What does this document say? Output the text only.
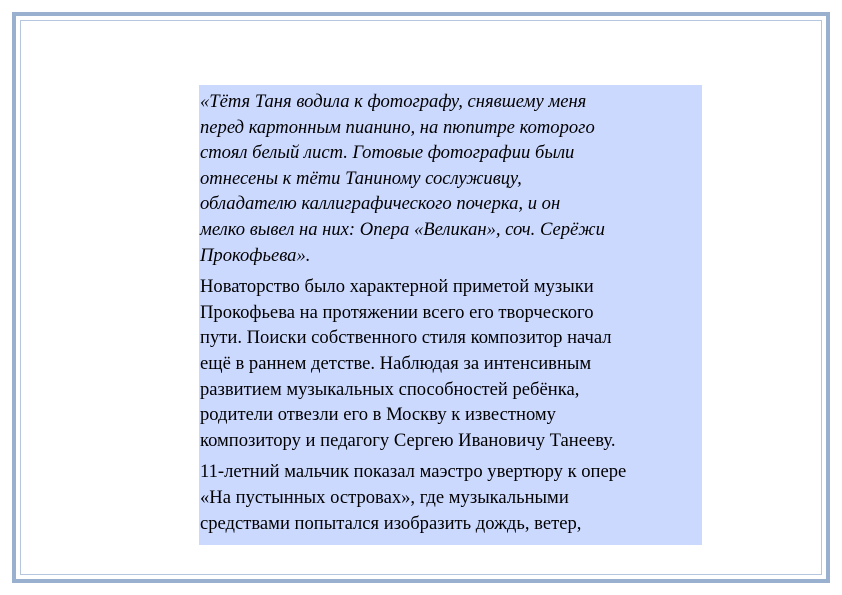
«Тётя Таня водила к фотографу, снявшему меня
перед картонным пианино, на пюпитре которого
стоял белый лист. Готовые фотографии были
отнесены к тёти Таниному сослуживцу,
обладателю каллиграфического почерка, и он
мелко вывел на них: Опера «Великан», соч. Серёжи
Прокофьева».
Новаторство было характерной приметой музыки
Прокофьева на протяжении всего его творческого
пути. Поиски собственного стиля композитор начал
ещё в раннем детстве. Наблюдая за интенсивным
развитием музыкальных способностей ребёнка,
родители отвезли его в Москву к известному
композитору и педагогу Сергею Ивановичу Танееву.
11-летний мальчик показал маэстро увертюру к опере
«На пустынных островах», где музыкальными
средствами попытался изобразить дождь, ветер,
